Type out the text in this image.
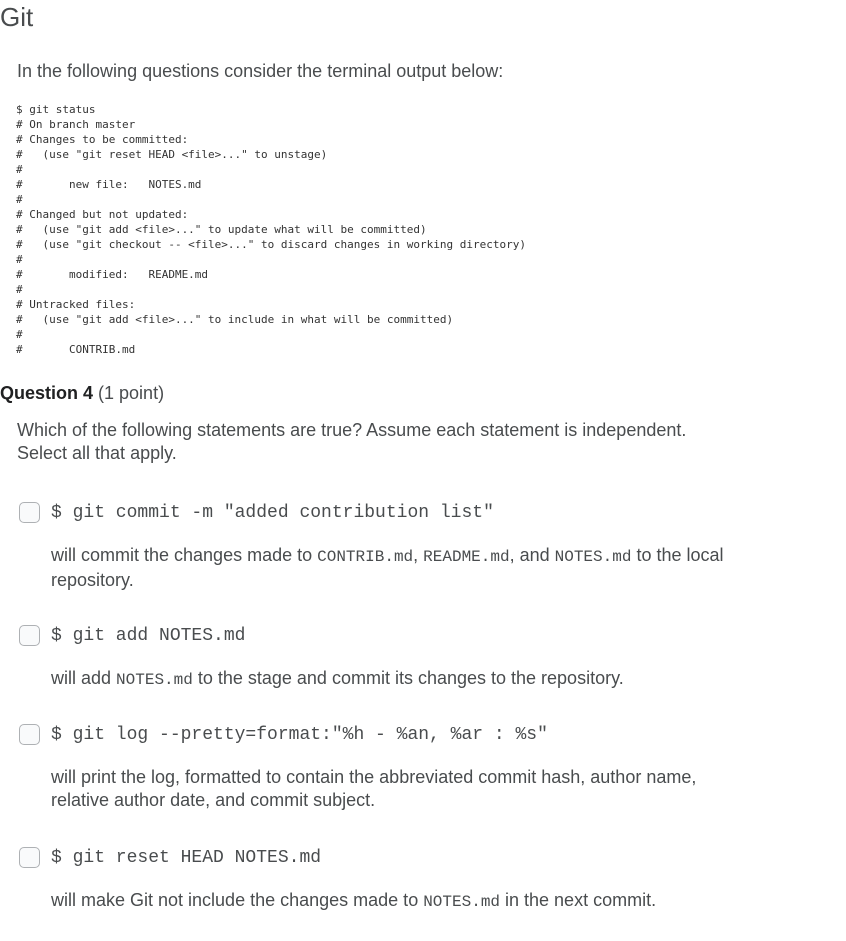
Git
In the following questions consider the terminal output below:
$ git status
# On branch master
# Changes to be committed:
#   (use "git reset HEAD <file>..." to unstage)
#
#       new file:   NOTES.md
#
# Changed but not updated:
#   (use "git add <file>..." to update what will be committed)
#   (use "git checkout -- <file>..." to discard changes in working directory)
#
#       modified:   README.md
#
# Untracked files:
#   (use "git add <file>..." to include in what will be committed)
#
#       CONTRIB.md
Question 4 (1 point)
Which of the following statements are true? Assume each statement is independent.
Select all that apply.
$ git commit -m "added contribution list"
will commit the changes made to CONTRIB.md, README.md, and NOTES.md to the local repository.
$ git add NOTES.md
will add NOTES.md to the stage and commit its changes to the repository.
$ git log --pretty=format:"%h - %an, %ar : %s"
will print the log, formatted to contain the abbreviated commit hash, author name, relative author date, and commit subject.
$ git reset HEAD NOTES.md
will make Git not include the changes made to NOTES.md in the next commit.
